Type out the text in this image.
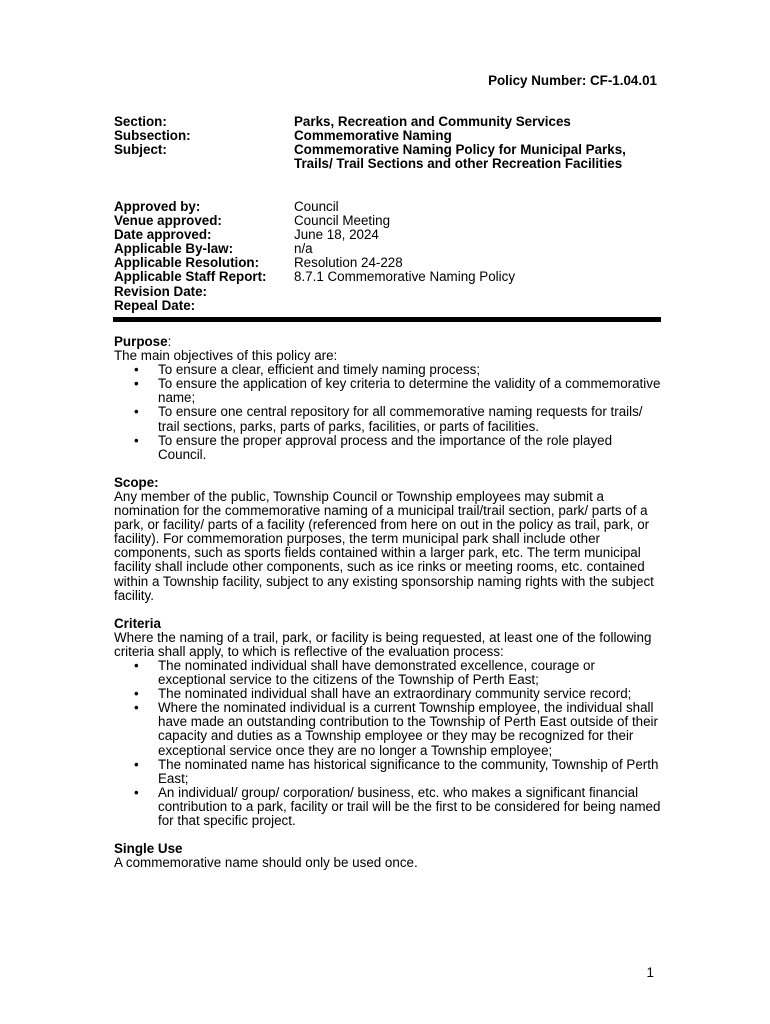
Policy Number: CF-1.04.01
Section:	Parks, Recreation and Community Services
Subsection:	Commemorative Naming
Subject:	Commemorative Naming Policy for Municipal Parks, Trails/ Trail Sections and other Recreation Facilities
Approved by:	Council
Venue approved:	Council Meeting
Date approved:	June 18, 2024
Applicable By-law:	n/a
Applicable Resolution:	Resolution 24-228
Applicable Staff Report:	8.7.1 Commemorative Naming Policy
Revision Date:
Repeal Date:
Purpose:

The main objectives of this policy are:

• To ensure a clear, efficient and timely naming process;
• To ensure the application of key criteria to determine the validity of a commemorative name;
• To ensure one central repository for all commemorative naming requests for trails/ trail sections, parks, parts of parks, facilities, or parts of facilities.
• To ensure the proper approval process and the importance of the role played Council.
Scope:

Any member of the public, Township Council or Township employees may submit a nomination for the commemorative naming of a municipal trail/trail section, park/ parts of a park, or facility/ parts of a facility (referenced from here on out in the policy as trail, park, or facility). For commemoration purposes, the term municipal park shall include other components, such as sports fields contained within a larger park, etc. The term municipal facility shall include other components, such as ice rinks or meeting rooms, etc. contained within a Township facility, subject to any existing sponsorship naming rights with the subject facility.

Criteria

Where the naming of a trail, park, or facility is being requested, at least one of the following criteria shall apply, to which is reflective of the evaluation process:

• The nominated individual shall have demonstrated excellence, courage or exceptional service to the citizens of the Township of Perth East;
• The nominated individual shall have an extraordinary community service record;
• Where the nominated individual is a current Township employee, the individual shall have made an outstanding contribution to the Township of Perth East outside of their capacity and duties as a Township employee or they may be recognized for their exceptional service once they are no longer a Township employee;
• The nominated name has historical significance to the community, Township of Perth East;
• An individual/ group/ corporation/ business, etc. who makes a significant financial contribution to a park, facility or trail will be the first to be considered for being named for that specific project.
Single Use

A commemorative name should only be used once.

1
